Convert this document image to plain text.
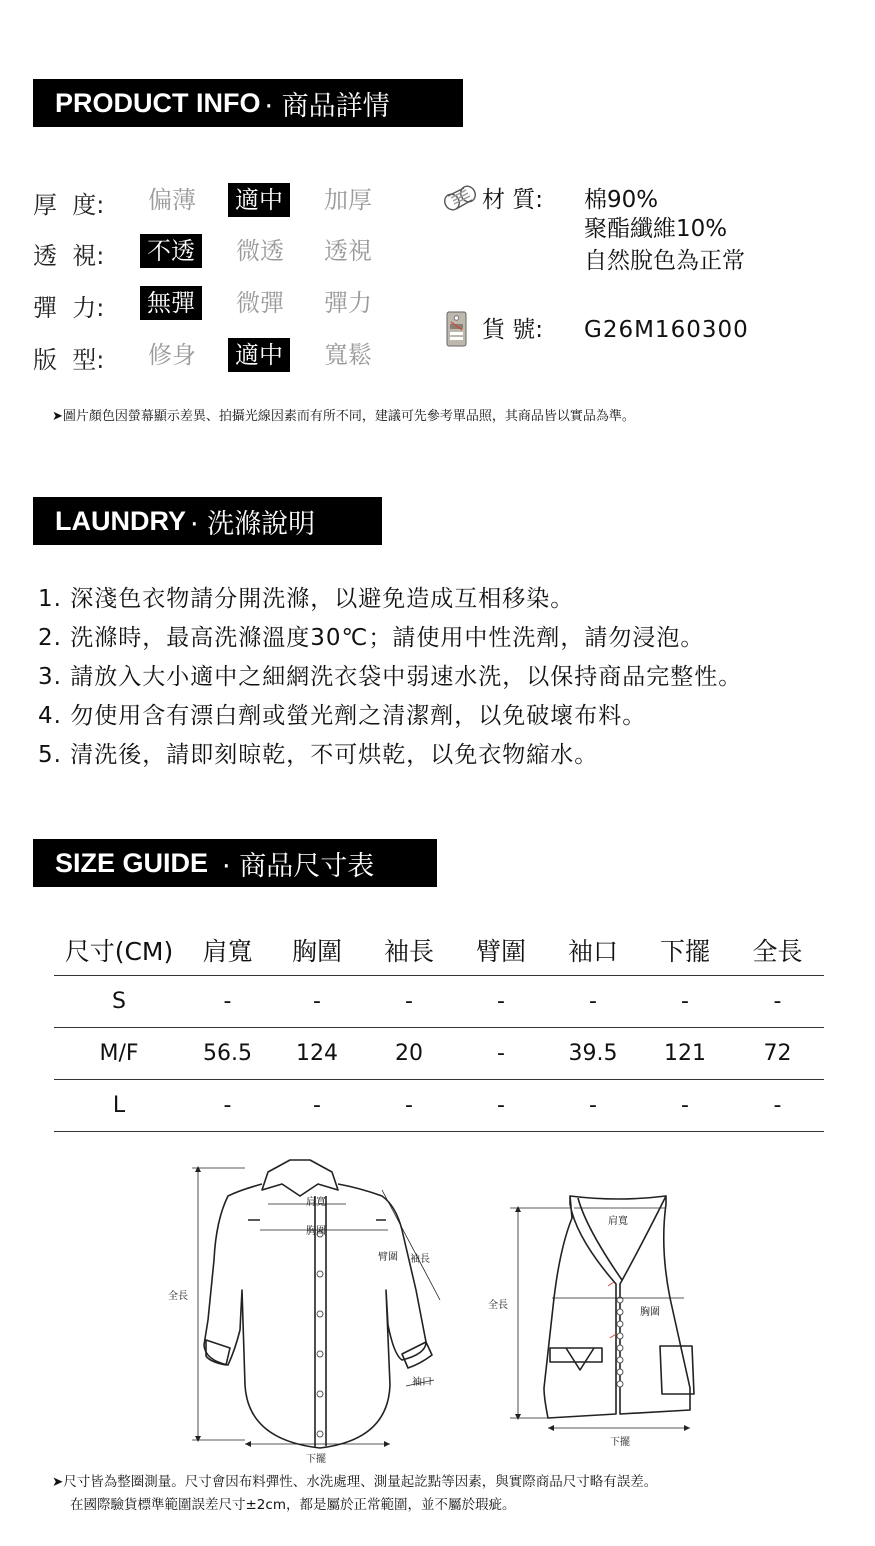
PRODUCT INFO · 商品詳情
厚  度: 偏薄 適中 加厚
透  視: 不透 微透 透視
彈  力: 無彈 微彈 彈力
版  型: 修身 適中 寬鬆
材 質: 棉90%
聚酯纖維10%
自然脫色為正常
貨 號: G26M160300
➤圖片顏色因螢幕顯示差異、拍攝光線因素而有所不同，建議可先參考單品照，其商品皆以實品為準。
LAUNDRY · 洗滌說明
1. 深淺色衣物請分開洗滌，以避免造成互相移染。
2. 洗滌時，最高洗滌溫度30℃；請使用中性洗劑，請勿浸泡。
3. 請放入大小適中之細網洗衣袋中弱速水洗，以保持商品完整性。
4. 勿使用含有漂白劑或螢光劑之清潔劑，以免破壞布料。
5. 清洗後，請即刻晾乾，不可烘乾，以免衣物縮水。
SIZE GUIDE · 商品尺寸表
尺寸(CM)	肩寬	胸圍	袖長	臂圍	袖口	下擺	全長
S	-	-	-	-	-	-	-
M/F	56.5	124	20	-	39.5	121	72
L	-	-	-	-	-	-	-
肩寬
胸圍
臂圍 袖長
袖口
全長
下擺
肩寬
胸圍
全長
下擺
➤尺寸皆為整圈測量。尺寸會因布料彈性、水洗處理、測量起訖點等因素，與實際商品尺寸略有誤差。
在國際驗貨標準範圍誤差尺寸±2cm，都是屬於正常範圍，並不屬於瑕疵。
